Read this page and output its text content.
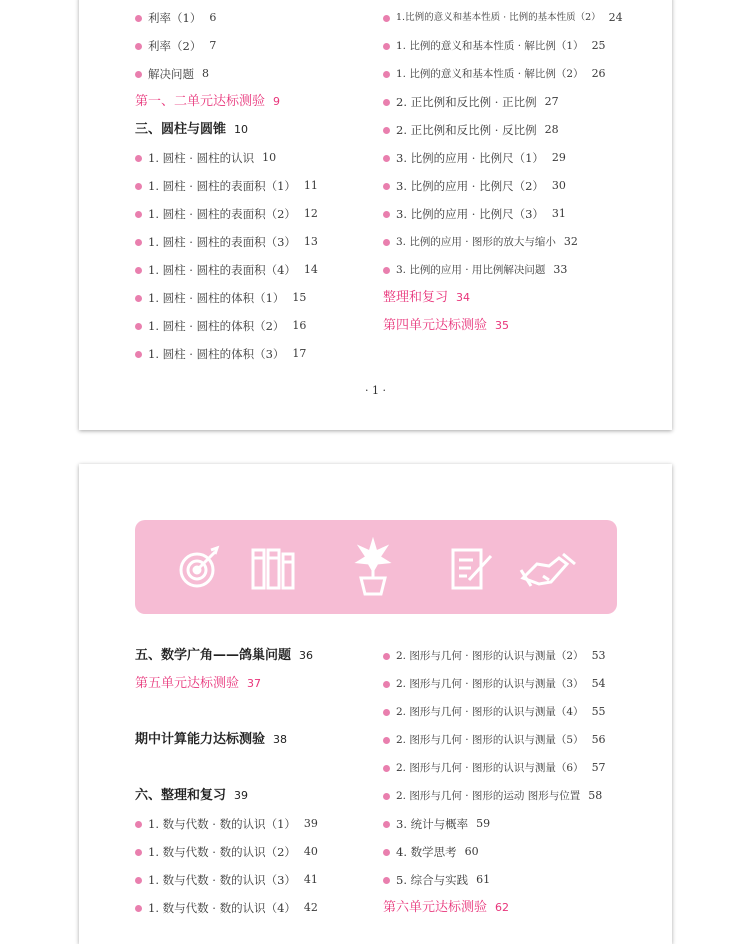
利率（1） 6
利率（2） 7
解决问题 8
第一、二单元达标测验 9
三、圆柱与圆锥 10
1. 圆柱 · 圆柱的认识 10
1. 圆柱 · 圆柱的表面积（1） 11
1. 圆柱 · 圆柱的表面积（2） 12
1. 圆柱 · 圆柱的表面积（3） 13
1. 圆柱 · 圆柱的表面积（4） 14
1. 圆柱 · 圆柱的体积（1） 15
1. 圆柱 · 圆柱的体积（2） 16
1. 圆柱 · 圆柱的体积（3） 17
1.比例的意义和基本性质 · 比例的基本性质（2） 24
1. 比例的意义和基本性质 · 解比例（1） 25
1. 比例的意义和基本性质 · 解比例（2） 26
2. 正比例和反比例 · 正比例 27
2. 正比例和反比例 · 反比例 28
3. 比例的应用 · 比例尺（1） 29
3. 比例的应用 · 比例尺（2） 30
3. 比例的应用 · 比例尺（3） 31
3. 比例的应用 · 图形的放大与缩小 32
3. 比例的应用 · 用比例解决问题 33
整理和复习 34
第四单元达标测验 35
· 1 ·
五、数学广角——鸽巢问题 36
第五单元达标测验 37
期中计算能力达标测验 38
六、整理和复习 39
1. 数与代数 · 数的认识（1） 39
1. 数与代数 · 数的认识（2） 40
1. 数与代数 · 数的认识（3） 41
1. 数与代数 · 数的认识（4） 42
2. 图形与几何 · 图形的认识与测量（2） 53
2. 图形与几何 · 图形的认识与测量（3） 54
2. 图形与几何 · 图形的认识与测量（4） 55
2. 图形与几何 · 图形的认识与测量（5） 56
2. 图形与几何 · 图形的认识与测量（6） 57
2. 图形与几何 · 图形的运动 图形与位置 58
3. 统计与概率 59
4. 数学思考 60
5. 综合与实践 61
第六单元达标测验 62
